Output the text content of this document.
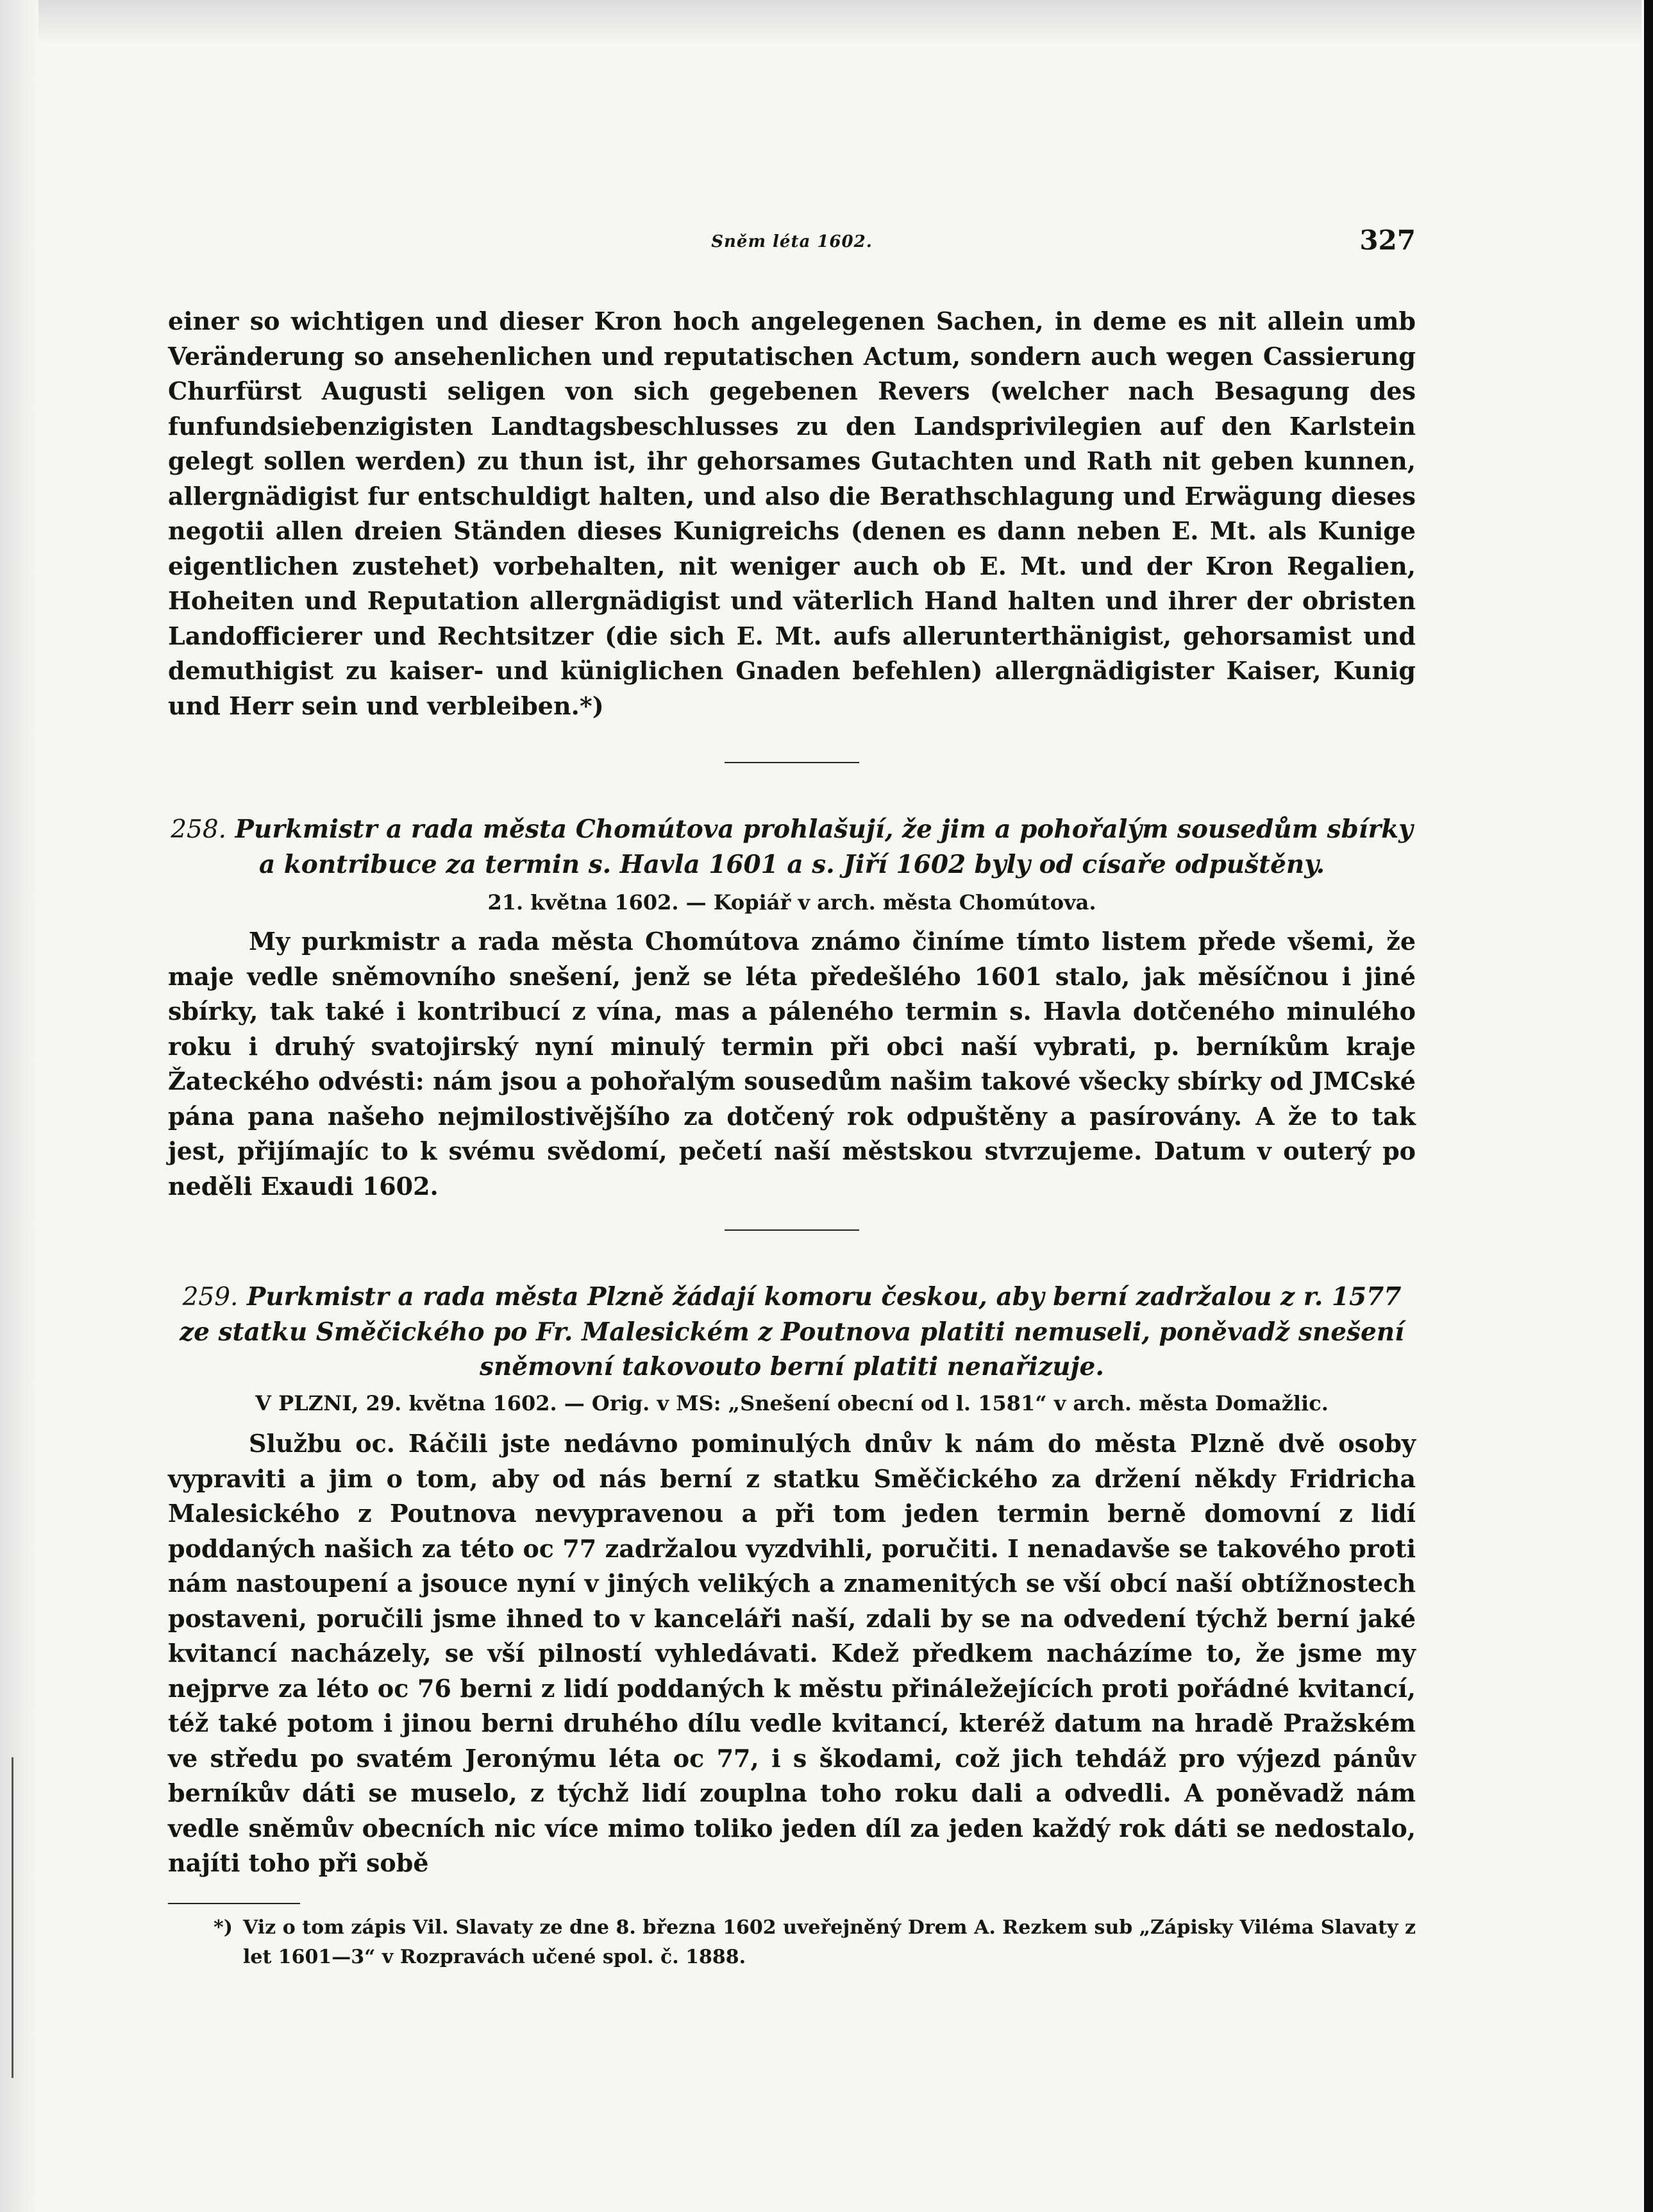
Sněm léta 1602.	327

einer so wichtigen und dieser Kron hoch angelegenen Sachen, in deme es nit allein umb Veränderung so ansehenlichen und reputatischen Actum, sondern auch wegen Cassierung Churfürst Augusti seligen von sich gegebenen Revers (welcher nach Besagung des funfundsiebenzigisten Landtagsbeschlusses zu den Landsprivilegien auf den Karlstein gelegt sollen werden) zu thun ist, ihr gehorsames Gutachten und Rath nit geben kunnen, allergnädigist fur entschuldigt halten, und also die Berathschlagung und Erwägung dieses negotii allen dreien Ständen dieses Kunigreichs (denen es dann neben E. Mt. als Kunige eigentlichen zustehet) vorbehalten, nit weniger auch ob E. Mt. und der Kron Regalien, Hoheiten und Reputation allergnädigist und väterlich Hand halten und ihrer der obristen Landofficierer und Rechtsitzer (die sich E. Mt. aufs allerunterthänigist, gehorsamist und demuthigist zu kaiser- und küniglichen Gnaden befehlen) allergnädigister Kaiser, Kunig und Herr sein und verbleiben.*)

258. Purkmistr a rada města Chomútova prohlašují, že jim a pohořalým sousedům sbírky a kontribuce za termin s. Havla 1601 a s. Jiří 1602 byly od císaře odpuštěny.

21. května 1602. — Kopiář v arch. města Chomútova.

My purkmistr a rada města Chomútova známo činíme tímto listem přede všemi, že maje vedle sněmovního snešení, jenž se léta předešlého 1601 stalo, jak měsíčnou i jiné sbírky, tak také i kontribucí z vína, mas a páleného termin s. Havla dotčeného minulého roku i druhý svatojirský nyní minulý termin při obci naší vybrati, p. berníkům kraje Žateckého odvésti: nám jsou a pohořalým sousedům našim takové všecky sbírky od JMCské pána pana našeho nejmilostivějšího za dotčený rok odpuštěny a pasírovány. A že to tak jest, přijímajíc to k svému svědomí, pečetí naší městskou stvrzujeme. Datum v outerý po neděli Exaudi 1602.

259. Purkmistr a rada města Plzně žádají komoru českou, aby berní zadržalou z r. 1577 ze statku Směčického po Fr. Malesickém z Poutnova platiti nemuseli, poněvadž snešení sněmovní takovouto berní platiti nenařizuje.

V PLZNI, 29. května 1602. — Orig. v MS: „Snešení obecní od l. 1581“ v arch. města Domažlic.

Službu oc. Ráčili jste nedávno pominulých dnův k nám do města Plzně dvě osoby vypraviti a jim o tom, aby od nás berní z statku Směčického za držení někdy Fridricha Malesického z Poutnova nevypravenou a při tom jeden termin berně domovní z lidí poddaných našich za této oc 77 zadržalou vyzdvihli, poručiti. I nenadavše se takového proti nám nastoupení a jsouce nyní v jiných velikých a znamenitých se vší obcí naší obtížnostech postaveni, poručili jsme ihned to v kanceláři naší, zdali by se na odvedení týchž berní jaké kvitancí nacházely, se vší pilností vyhledávati. Kdež předkem nacházíme to, že jsme my nejprve za léto oc 76 berni z lidí poddaných k městu přináležejících proti pořádné kvitancí, též také potom i jinou berni druhého dílu vedle kvitancí, kteréž datum na hradě Pražském ve středu po svatém Jeronýmu léta oc 77, i s škodami, což jich tehdáž pro výjezd pánův berníkův dáti se muselo, z týchž lidí zouplna toho roku dali a odvedli. A poněvadž nám vedle sněmův obecních nic více mimo toliko jeden díl za jeden každý rok dáti se nedostalo, najíti toho při sobě

*) Viz o tom zápis Vil. Slavaty ze dne 8. března 1602 uveřejněný Drem A. Rezkem sub „Zápisky Viléma Slavaty z let 1601—3“ v Rozpravách učené spol. č. 1888.
